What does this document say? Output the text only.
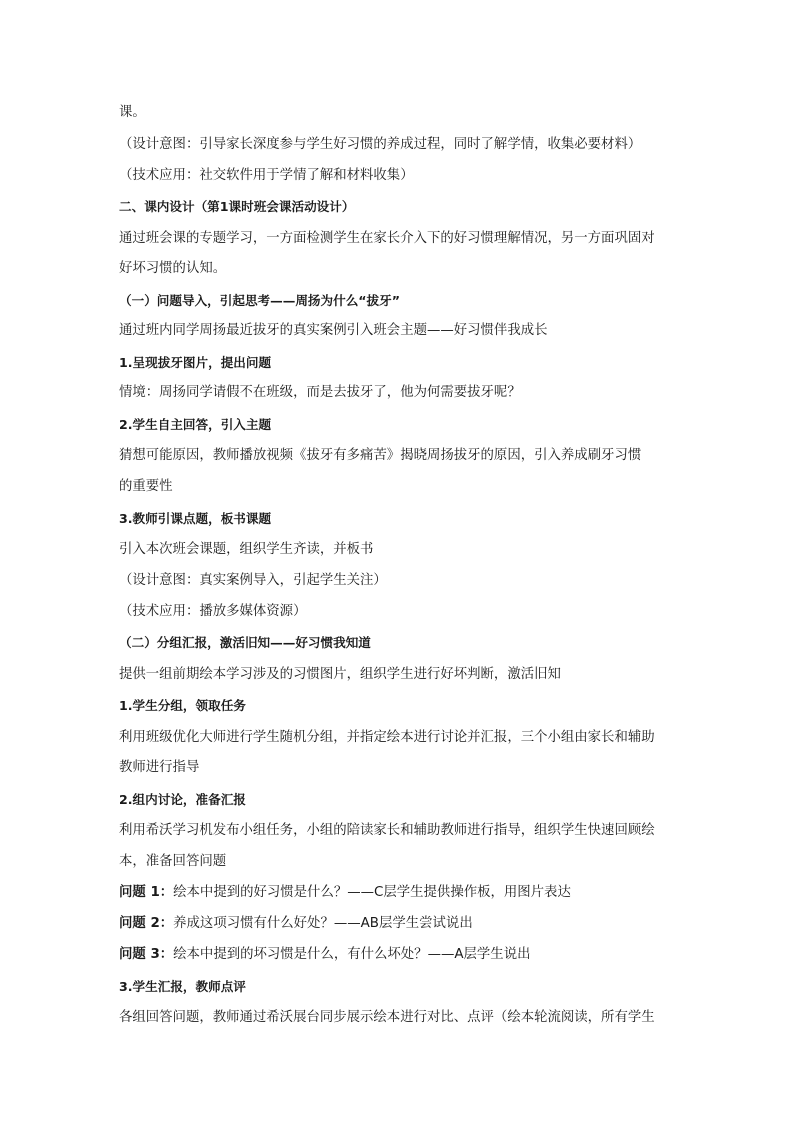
课。
（设计意图：引导家长深度参与学生好习惯的养成过程，同时了解学情，收集必要材料）
（技术应用：社交软件用于学情了解和材料收集）
二、课内设计（第1课时班会课活动设计）
通过班会课的专题学习，一方面检测学生在家长介入下的好习惯理解情况，另一方面巩固对
好坏习惯的认知。
（一）问题导入，引起思考——周扬为什么“拔牙”
通过班内同学周扬最近拔牙的真实案例引入班会主题——好习惯伴我成长
1.呈现拔牙图片，提出问题
情境：周扬同学请假不在班级，而是去拔牙了，他为何需要拔牙呢？
2.学生自主回答，引入主题
猜想可能原因，教师播放视频《拔牙有多痛苦》揭晓周扬拔牙的原因，引入养成刷牙习惯
的重要性
3.教师引课点题，板书课题
引入本次班会课题，组织学生齐读，并板书
（设计意图：真实案例导入，引起学生关注）
（技术应用：播放多媒体资源）
（二）分组汇报，激活旧知——好习惯我知道
提供一组前期绘本学习涉及的习惯图片，组织学生进行好坏判断，激活旧知
1.学生分组，领取任务
利用班级优化大师进行学生随机分组，并指定绘本进行讨论并汇报，三个小组由家长和辅助
教师进行指导
2.组内讨论，准备汇报
利用希沃学习机发布小组任务，小组的陪读家长和辅助教师进行指导，组织学生快速回顾绘
本，准备回答问题
问题 1：绘本中提到的好习惯是什么？——C层学生提供操作板，用图片表达
问题 2：养成这项习惯有什么好处？——AB层学生尝试说出
问题 3：绘本中提到的坏习惯是什么，有什么坏处？——A层学生说出
3.学生汇报，教师点评
各组回答问题，教师通过希沃展台同步展示绘本进行对比、点评（绘本轮流阅读，所有学生
